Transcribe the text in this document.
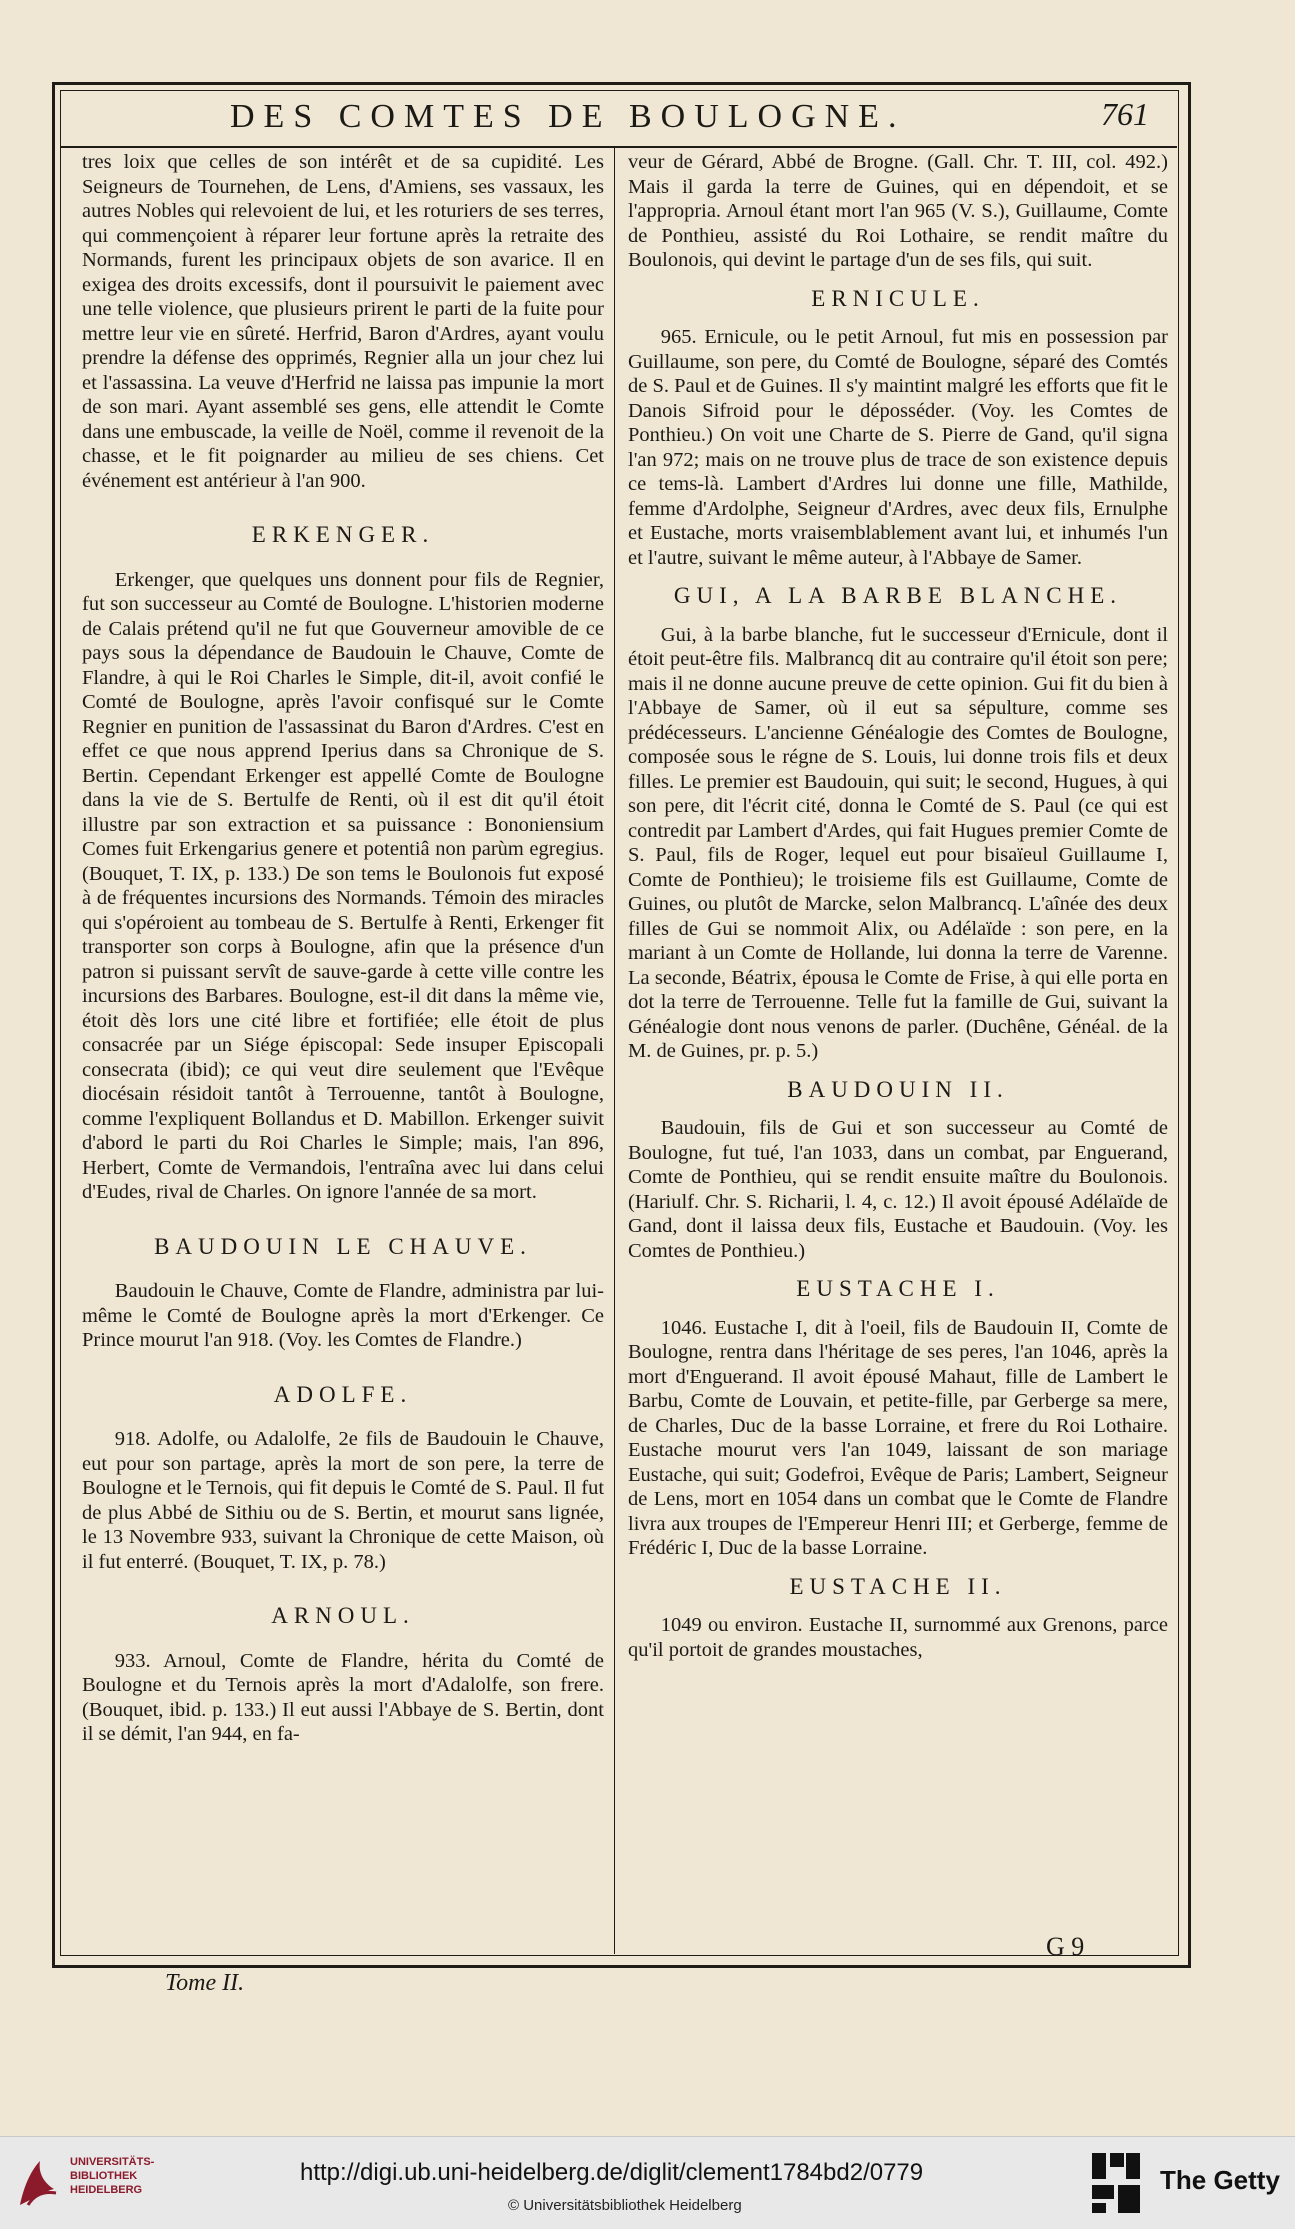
DES COMTES DE BOULOGNE.	761

tres loix que celles de son intérêt et de sa cupidité. Les Seigneurs de Tournehen, de Lens, d'Amiens, ses vassaux, les autres Nobles qui relevoient de lui, et les roturiers de ses terres, qui commençoient à réparer leur fortune après la retraite des Normands, furent les principaux objets de son avarice. Il en exigea des droits excessifs, dont il poursuivit le paiement avec une telle violence, que plusieurs prirent le parti de la fuite pour mettre leur vie en sûreté. Herfrid, Baron d'Ardres, ayant voulu prendre la défense des opprimés, Regnier alla un jour chez lui et l'assassina. La veuve d'Herfrid ne laissa pas impunie la mort de son mari. Ayant assemblé ses gens, elle attendit le Comte dans une embuscade, la veille de Noël, comme il revenoit de la chasse, et le fit poignarder au milieu de ses chiens. Cet événement est antérieur à l'an 900.

ERKENGER.

Erkenger, que quelques uns donnent pour fils de Regnier, fut son successeur au Comté de Boulogne. L'historien moderne de Calais prétend qu'il ne fut que Gouverneur amovible de ce pays sous la dépendance de Baudouin le Chauve, Comte de Flandre, à qui le Roi Charles le Simple, dit-il, avoit confié le Comté de Boulogne, après l'avoir confisqué sur le Comte Regnier en punition de l'assassinat du Baron d'Ardres. C'est en effet ce que nous apprend Iperius dans sa Chronique de S. Bertin. Cependant Erkenger est appellé Comte de Boulogne dans la vie de S. Bertulfe de Renti, où il est dit qu'il étoit illustre par son extraction et sa puissance : Bononiensium Comes fuit Erkengarius genere et potentiâ non parùm egregius. (Bouquet, T. IX, p. 133.) De son tems le Boulonois fut exposé à de fréquentes incursions des Normands. Témoin des miracles qui s'opéroient au tombeau de S. Bertulfe à Renti, Erkenger fit transporter son corps à Boulogne, afin que la présence d'un patron si puissant servît de sauve-garde à cette ville contre les incursions des Barbares. Boulogne, est-il dit dans la même vie, étoit dès lors une cité libre et fortifiée; elle étoit de plus consacrée par un Siége épiscopal: Sede insuper Episcopali consecrata (ibid); ce qui veut dire seulement que l'Evêque diocésain résidoit tantôt à Terrouenne, tantôt à Boulogne, comme l'expliquent Bollandus et D. Mabillon. Erkenger suivit d'abord le parti du Roi Charles le Simple; mais, l'an 896, Herbert, Comte de Vermandois, l'entraîna avec lui dans celui d'Eudes, rival de Charles. On ignore l'année de sa mort.

BAUDOUIN LE CHAUVE.

Baudouin le Chauve, Comte de Flandre, administra par lui-même le Comté de Boulogne après la mort d'Erkenger. Ce Prince mourut l'an 918. (Voy. les Comtes de Flandre.)

ADOLFE.

918. Adolfe, ou Adalolfe, 2e fils de Baudouin le Chauve, eut pour son partage, après la mort de son pere, la terre de Boulogne et le Ternois, qui fit depuis le Comté de S. Paul. Il fut de plus Abbé de Sithiu ou de S. Bertin, et mourut sans lignée, le 13 Novembre 933, suivant la Chronique de cette Maison, où il fut enterré. (Bouquet, T. IX, p. 78.)

ARNOUL.

933. Arnoul, Comte de Flandre, hérita du Comté de Boulogne et du Ternois après la mort d'Adalolfe, son frere. (Bouquet, ibid. p. 133.) Il eut aussi l'Abbaye de S. Bertin, dont il se démit, l'an 944, en fa-

veur de Gérard, Abbé de Brogne. (Gall. Chr. T. III, col. 492.) Mais il garda la terre de Guines, qui en dépendoit, et se l'appropria. Arnoul étant mort l'an 965 (V. S.), Guillaume, Comte de Ponthieu, assisté du Roi Lothaire, se rendit maître du Boulonois, qui devint le partage d'un de ses fils, qui suit.

ERNICULE.

965. Ernicule, ou le petit Arnoul, fut mis en possession par Guillaume, son pere, du Comté de Boulogne, séparé des Comtés de S. Paul et de Guines. Il s'y maintint malgré les efforts que fit le Danois Sifroid pour le déposséder. (Voy. les Comtes de Ponthieu.) On voit une Charte de S. Pierre de Gand, qu'il signa l'an 972; mais on ne trouve plus de trace de son existence depuis ce tems-là. Lambert d'Ardres lui donne une fille, Mathilde, femme d'Ardolphe, Seigneur d'Ardres, avec deux fils, Ernulphe et Eustache, morts vraisemblablement avant lui, et inhumés l'un et l'autre, suivant le même auteur, à l'Abbaye de Samer.

GUI, A LA BARBE BLANCHE.

Gui, à la barbe blanche, fut le successeur d'Ernicule, dont il étoit peut-être fils. Malbrancq dit au contraire qu'il étoit son pere; mais il ne donne aucune preuve de cette opinion. Gui fit du bien à l'Abbaye de Samer, où il eut sa sépulture, comme ses prédécesseurs. L'ancienne Généalogie des Comtes de Boulogne, composée sous le régne de S. Louis, lui donne trois fils et deux filles. Le premier est Baudouin, qui suit; le second, Hugues, à qui son pere, dit l'écrit cité, donna le Comté de S. Paul (ce qui est contredit par Lambert d'Ardes, qui fait Hugues premier Comte de S. Paul, fils de Roger, lequel eut pour bisaïeul Guillaume I, Comte de Ponthieu); le troisieme fils est Guillaume, Comte de Guines, ou plutôt de Marcke, selon Malbrancq. L'aînée des deux filles de Gui se nommoit Alix, ou Adélaïde : son pere, en la mariant à un Comte de Hollande, lui donna la terre de Varenne. La seconde, Béatrix, épousa le Comte de Frise, à qui elle porta en dot la terre de Terrouenne. Telle fut la famille de Gui, suivant la Généalogie dont nous venons de parler. (Duchêne, Généal. de la M. de Guines, pr. p. 5.)

BAUDOUIN II.

Baudouin, fils de Gui et son successeur au Comté de Boulogne, fut tué, l'an 1033, dans un combat, par Enguerand, Comte de Ponthieu, qui se rendit ensuite maître du Boulonois. (Hariulf. Chr. S. Richarii, l. 4, c. 12.) Il avoit épousé Adélaïde de Gand, dont il laissa deux fils, Eustache et Baudouin. (Voy. les Comtes de Ponthieu.)

EUSTACHE I.

1046. Eustache I, dit à l'oeil, fils de Baudouin II, Comte de Boulogne, rentra dans l'héritage de ses peres, l'an 1046, après la mort d'Enguerand. Il avoit épousé Mahaut, fille de Lambert le Barbu, Comte de Louvain, et petite-fille, par Gerberge sa mere, de Charles, Duc de la basse Lorraine, et frere du Roi Lothaire. Eustache mourut vers l'an 1049, laissant de son mariage Eustache, qui suit; Godefroi, Evêque de Paris; Lambert, Seigneur de Lens, mort en 1054 dans un combat que le Comte de Flandre livra aux troupes de l'Empereur Henri III; et Gerberge, femme de Frédéric I, Duc de la basse Lorraine.

EUSTACHE II.

1049 ou environ. Eustache II, surnommé aux Grenons, parce qu'il portoit de grandes moustaches,

Tome II.
G 9
UNIVERSITÄTS-BIBLIOTHEK HEIDELBERG
http://digi.ub.uni-heidelberg.de/diglit/clement1784bd2/0779
© Universitätsbibliothek Heidelberg
The Getty
